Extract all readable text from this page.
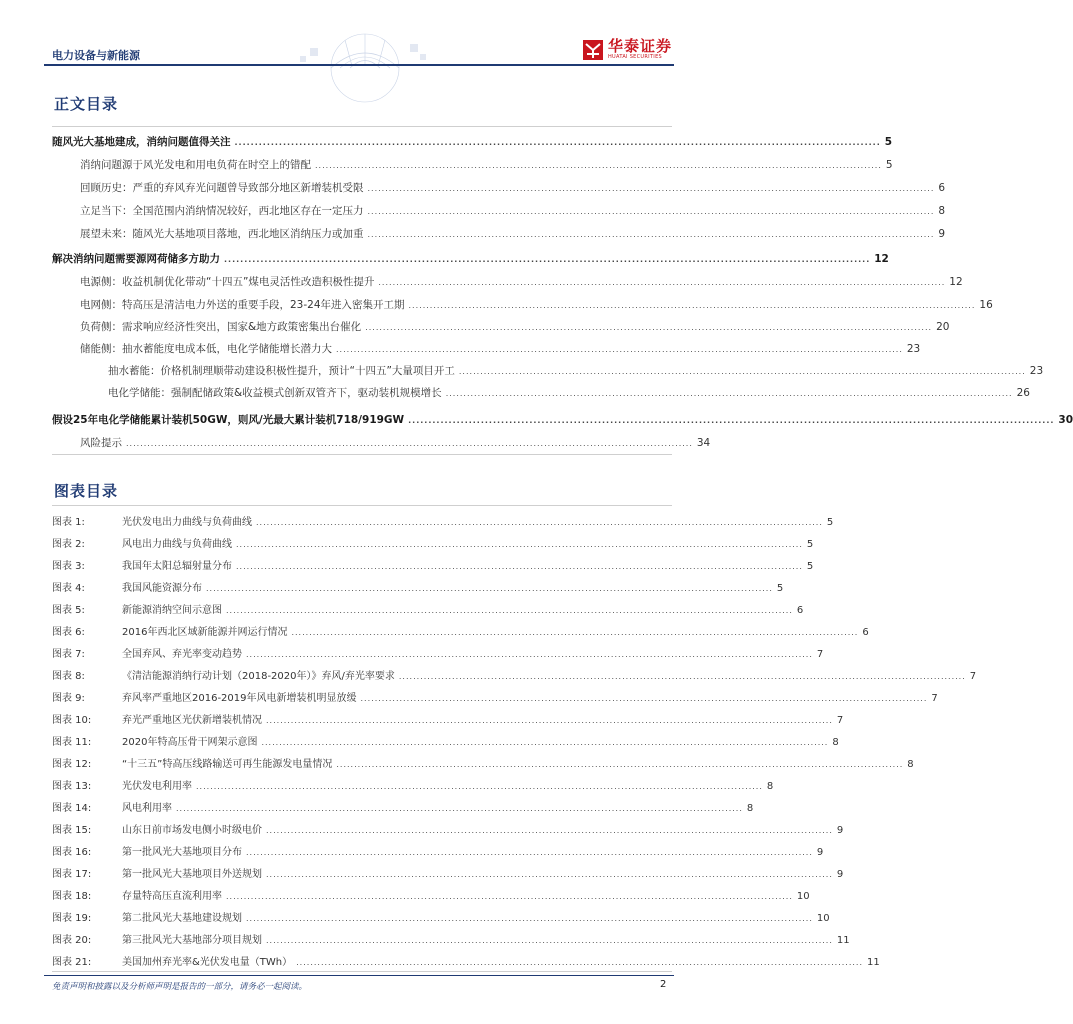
电力设备与新能源
华泰证券
HUATAI SECURITIES
正文目录
随风光大基地建成，消纳问题值得关注 ................................................................................................................................................................ 5
消纳问题源于风光发电和用电负荷在时空上的错配 ................................................................................................................................................................ 5
回顾历史：严重的弃风弃光问题曾导致部分地区新增装机受限 ................................................................................................................................................................ 6
立足当下：全国范围内消纳情况较好，西北地区存在一定压力 ................................................................................................................................................................ 8
展望未来：随风光大基地项目落地，西北地区消纳压力或加重 ................................................................................................................................................................ 9
解决消纳问题需要源网荷储多方助力 ................................................................................................................................................................ 12
电源侧：收益机制优化带动“十四五”煤电灵活性改造积极性提升 ................................................................................................................................................................ 12
电网侧：特高压是清洁电力外送的重要手段，23-24年进入密集开工期 ................................................................................................................................................................ 16
负荷侧：需求响应经济性突出，国家&地方政策密集出台催化 ................................................................................................................................................................ 20
储能侧：抽水蓄能度电成本低，电化学储能增长潜力大 ................................................................................................................................................................ 23
抽水蓄能：价格机制理顺带动建设积极性提升，预计“十四五”大量项目开工 ................................................................................................................................................................ 23
电化学储能：强制配储政策&收益模式创新双管齐下，驱动装机规模增长 ................................................................................................................................................................ 26
假设25年电化学储能累计装机50GW，则风/光最大累计装机718/919GW ................................................................................................................................................................ 30
风险提示 ................................................................................................................................................................ 34
图表目录
图表 1:	光伏发电出力曲线与负荷曲线 ................................................................................................................................................................ 5
图表 2:	风电出力曲线与负荷曲线 ................................................................................................................................................................ 5
图表 3:	我国年太阳总辐射量分布 ................................................................................................................................................................ 5
图表 4:	我国风能资源分布 ................................................................................................................................................................ 5
图表 5:	新能源消纳空间示意图 ................................................................................................................................................................ 6
图表 6:	2016年西北区域新能源并网运行情况 ................................................................................................................................................................ 6
图表 7:	全国弃风、弃光率变动趋势 ................................................................................................................................................................ 7
图表 8:	《清洁能源消纳行动计划（2018-2020年）》弃风/弃光率要求 ................................................................................................................................................................ 7
图表 9:	弃风率严重地区2016-2019年风电新增装机明显放缓 ................................................................................................................................................................ 7
图表 10:	弃光严重地区光伏新增装机情况 ................................................................................................................................................................ 7
图表 11:	2020年特高压骨干网架示意图 ................................................................................................................................................................ 8
图表 12:	“十三五”特高压线路输送可再生能源发电量情况 ................................................................................................................................................................ 8
图表 13:	光伏发电利用率 ................................................................................................................................................................ 8
图表 14:	风电利用率 ................................................................................................................................................................ 8
图表 15:	山东日前市场发电侧小时级电价 ................................................................................................................................................................ 9
图表 16:	第一批风光大基地项目分布 ................................................................................................................................................................ 9
图表 17:	第一批风光大基地项目外送规划 ................................................................................................................................................................ 9
图表 18:	存量特高压直流利用率 ................................................................................................................................................................ 10
图表 19:	第二批风光大基地建设规划 ................................................................................................................................................................ 10
图表 20:	第三批风光大基地部分项目规划 ................................................................................................................................................................ 11
图表 21:	美国加州弃光率&光伏发电量（TWh） ................................................................................................................................................................ 11
免责声明和披露以及分析师声明是报告的一部分，请务必一起阅读。	2
